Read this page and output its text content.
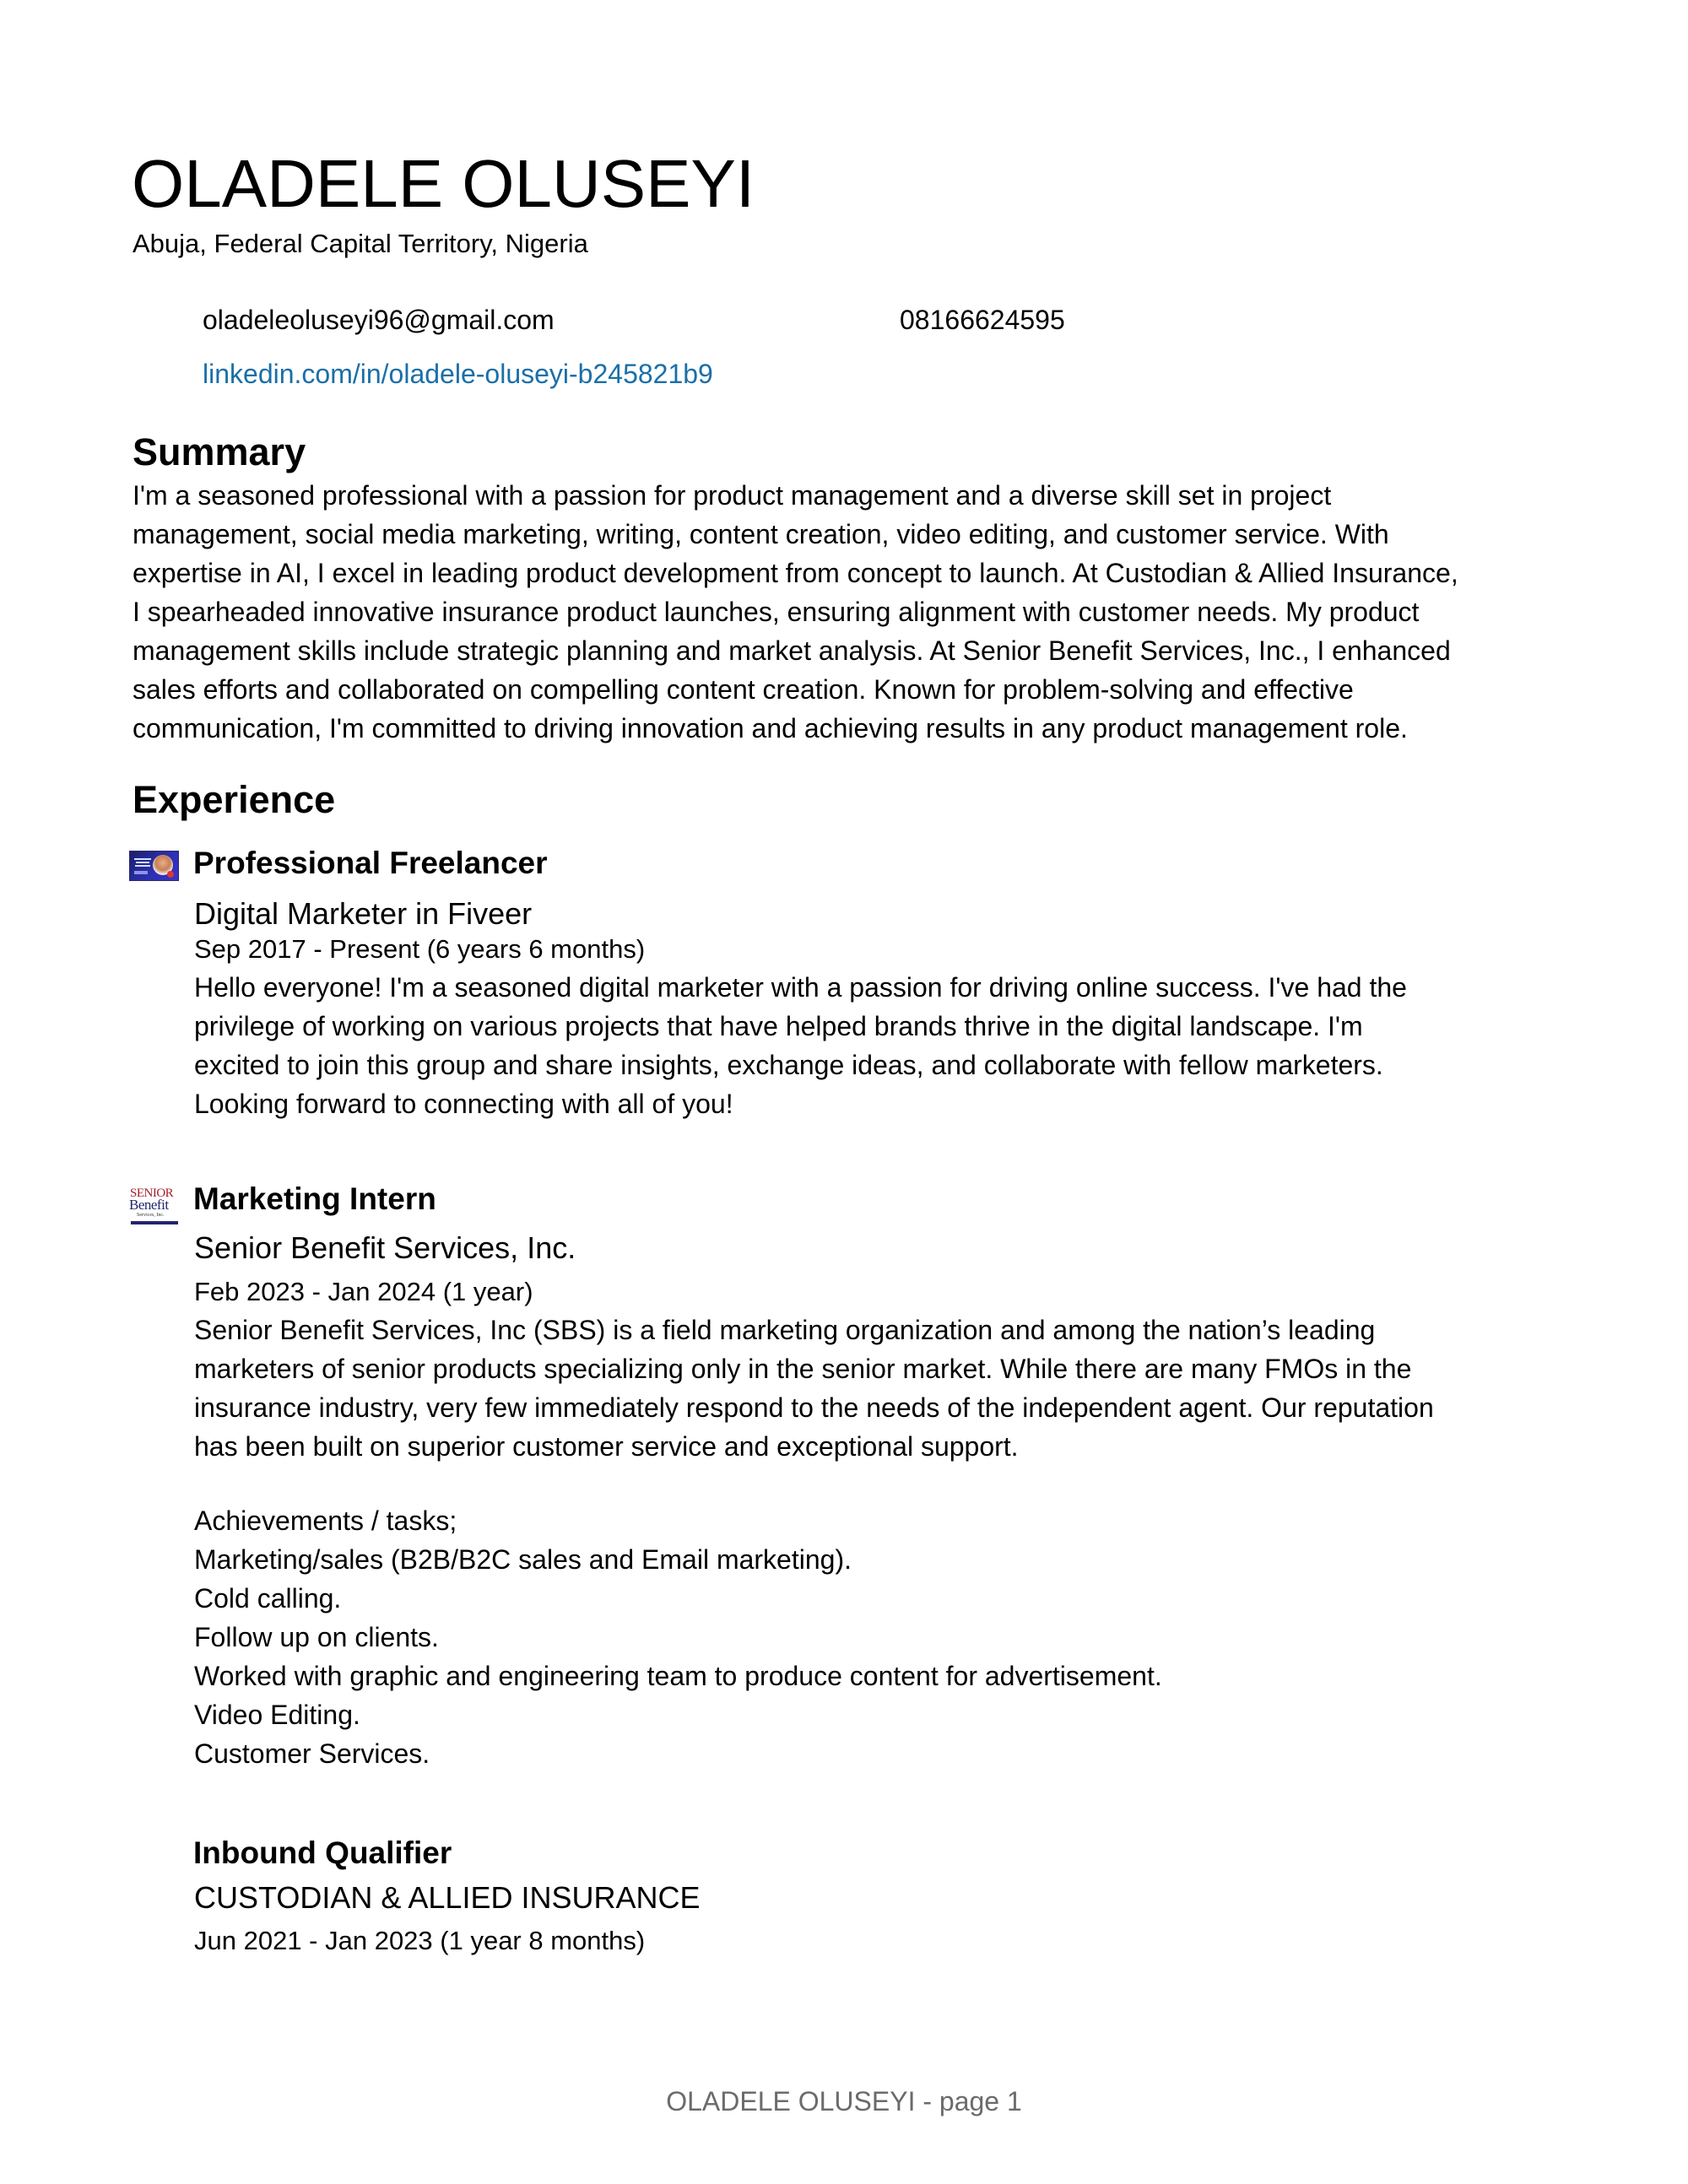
OLADELE OLUSEYI
Abuja, Federal Capital Territory, Nigeria
oladeleoluseyi96@gmail.com	08166624595
linkedin.com/in/oladele-oluseyi-b245821b9
Summary
I'm a seasoned professional with a passion for product management and a diverse skill set in project
management, social media marketing, writing, content creation, video editing, and customer service. With
expertise in AI, I excel in leading product development from concept to launch. At Custodian & Allied Insurance,
I spearheaded innovative insurance product launches, ensuring alignment with customer needs. My product
management skills include strategic planning and market analysis. At Senior Benefit Services, Inc., I enhanced
sales efforts and collaborated on compelling content creation. Known for problem-solving and effective
communication, I'm committed to driving innovation and achieving results in any product management role.
Experience
Professional Freelancer
Digital Marketer in Fiveer
Sep 2017 - Present (6 years 6 months)
Hello everyone! I'm a seasoned digital marketer with a passion for driving online success. I've had the
privilege of working on various projects that have helped brands thrive in the digital landscape. I'm
excited to join this group and share insights, exchange ideas, and collaborate with fellow marketers.
Looking forward to connecting with all of you!
SENIOR
Benefit
Services, Inc. Marketing Intern
Senior Benefit Services, Inc.
Feb 2023 - Jan 2024 (1 year)
Senior Benefit Services, Inc (SBS) is a field marketing organization and among the nation’s leading
marketers of senior products specializing only in the senior market. While there are many FMOs in the
insurance industry, very few immediately respond to the needs of the independent agent. Our reputation
has been built on superior customer service and exceptional support.
Achievements / tasks;
Marketing/sales (B2B/B2C sales and Email marketing).
Cold calling.
Follow up on clients.
Worked with graphic and engineering team to produce content for advertisement.
Video Editing.
Customer Services.
Inbound Qualifier
CUSTODIAN & ALLIED INSURANCE
Jun 2021 - Jan 2023 (1 year 8 months)
OLADELE OLUSEYI - page 1
